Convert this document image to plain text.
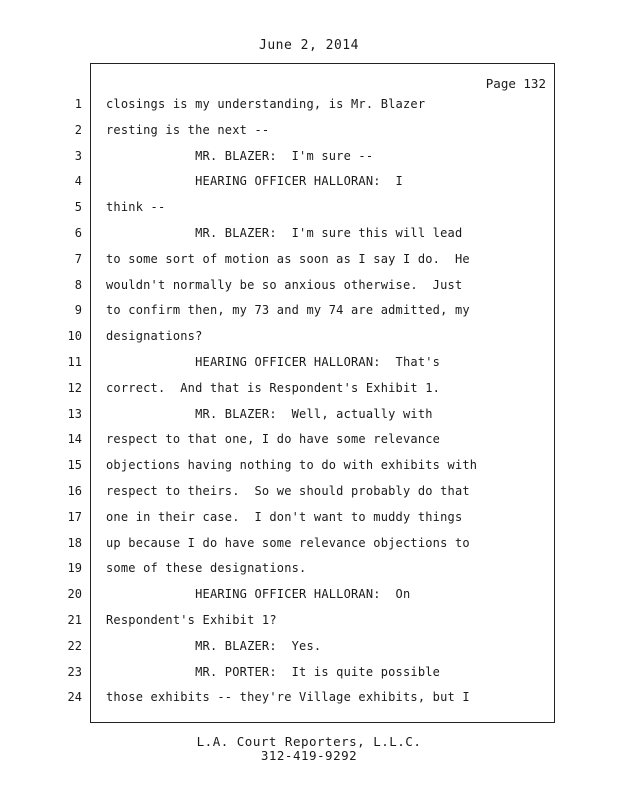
June 2, 2014
Page 132
1
2
3
4
5
6
7
8
9
10
11
12
13
14
15
16
17
18
19
20
21
22
23
24
closings is my understanding, is Mr. Blazer
resting is the next --
MR. BLAZER:  I'm sure --
HEARING OFFICER HALLORAN:  I
think --
MR. BLAZER:  I'm sure this will lead
to some sort of motion as soon as I say I do.  He
wouldn't normally be so anxious otherwise.  Just
to confirm then, my 73 and my 74 are admitted, my
designations?
HEARING OFFICER HALLORAN:  That's
correct.  And that is Respondent's Exhibit 1.
MR. BLAZER:  Well, actually with
respect to that one, I do have some relevance
objections having nothing to do with exhibits with
respect to theirs.  So we should probably do that
one in their case.  I don't want to muddy things
up because I do have some relevance objections to
some of these designations.
HEARING OFFICER HALLORAN:  On
Respondent's Exhibit 1?
MR. BLAZER:  Yes.
MR. PORTER:  It is quite possible
those exhibits -- they're Village exhibits, but I
L.A. Court Reporters, L.L.C.
312-419-9292
